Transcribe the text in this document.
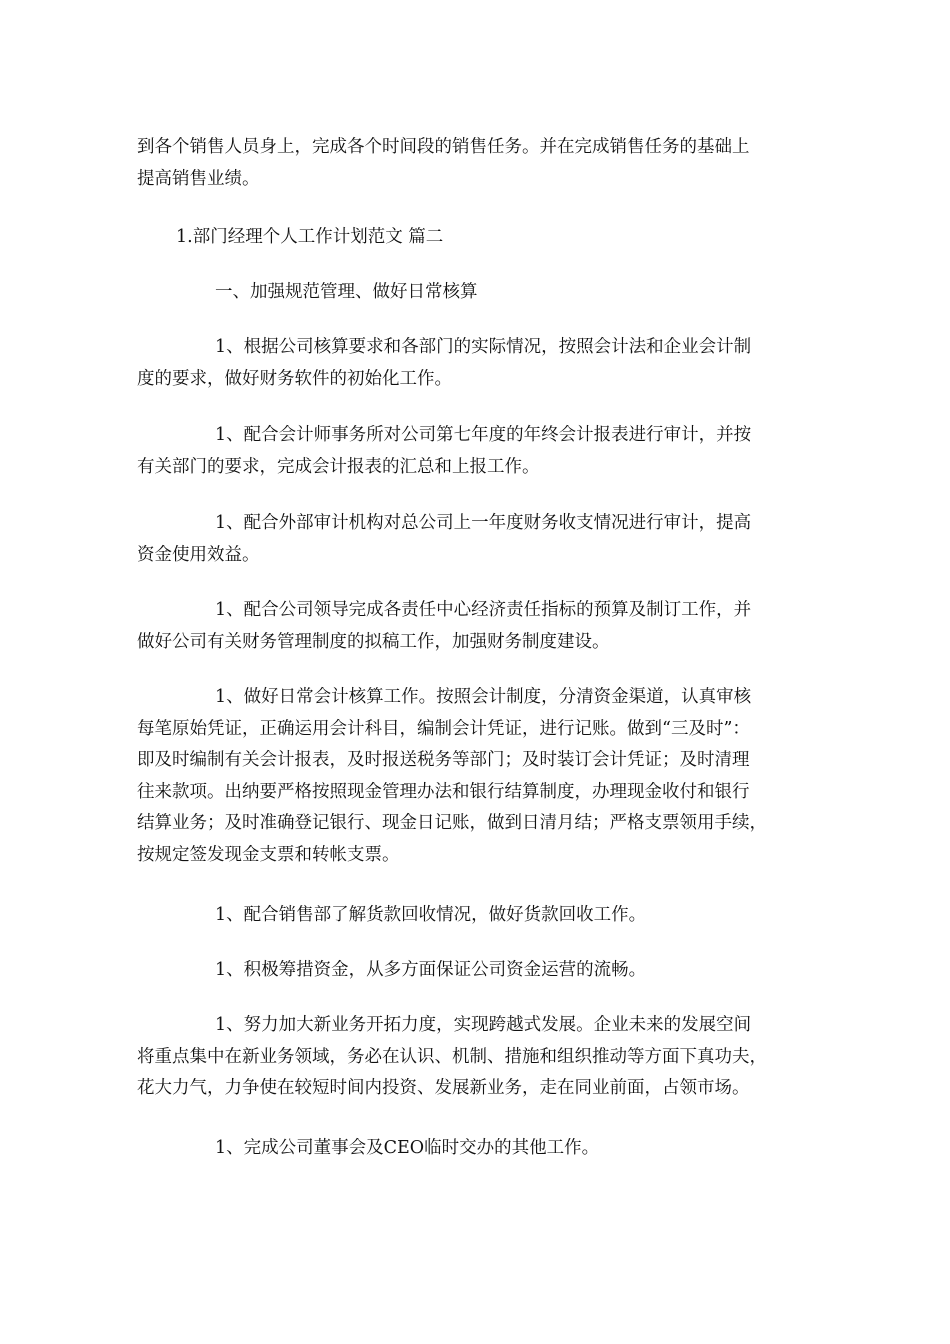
到各个销售人员身上，完成各个时间段的销售任务。并在完成销售任务的基础上
提高销售业绩。

1.部门经理个人工作计划范文 篇二

一、加强规范管理、做好日常核算

1、根据公司核算要求和各部门的实际情况，按照会计法和企业会计制
度的要求，做好财务软件的初始化工作。

1、配合会计师事务所对公司第七年度的年终会计报表进行审计，并按
有关部门的要求，完成会计报表的汇总和上报工作。

1、配合外部审计机构对总公司上一年度财务收支情况进行审计，提高
资金使用效益。

1、配合公司领导完成各责任中心经济责任指标的预算及制订工作，并
做好公司有关财务管理制度的拟稿工作，加强财务制度建设。

1、做好日常会计核算工作。按照会计制度，分清资金渠道，认真审核
每笔原始凭证，正确运用会计科目，编制会计凭证，进行记账。做到“三及时”：
即及时编制有关会计报表，及时报送税务等部门；及时装订会计凭证；及时清理
往来款项。出纳要严格按照现金管理办法和银行结算制度，办理现金收付和银行
结算业务；及时准确登记银行、现金日记账，做到日清月结；严格支票领用手续，
按规定签发现金支票和转帐支票。

1、配合销售部了解货款回收情况，做好货款回收工作。

1、积极筹措资金，从多方面保证公司资金运营的流畅。

1、努力加大新业务开拓力度，实现跨越式发展。企业未来的发展空间
将重点集中在新业务领域，务必在认识、机制、措施和组织推动等方面下真功夫，
花大力气，力争使在较短时间内投资、发展新业务，走在同业前面，占领市场。

1、完成公司董事会及CEO临时交办的其他工作。
